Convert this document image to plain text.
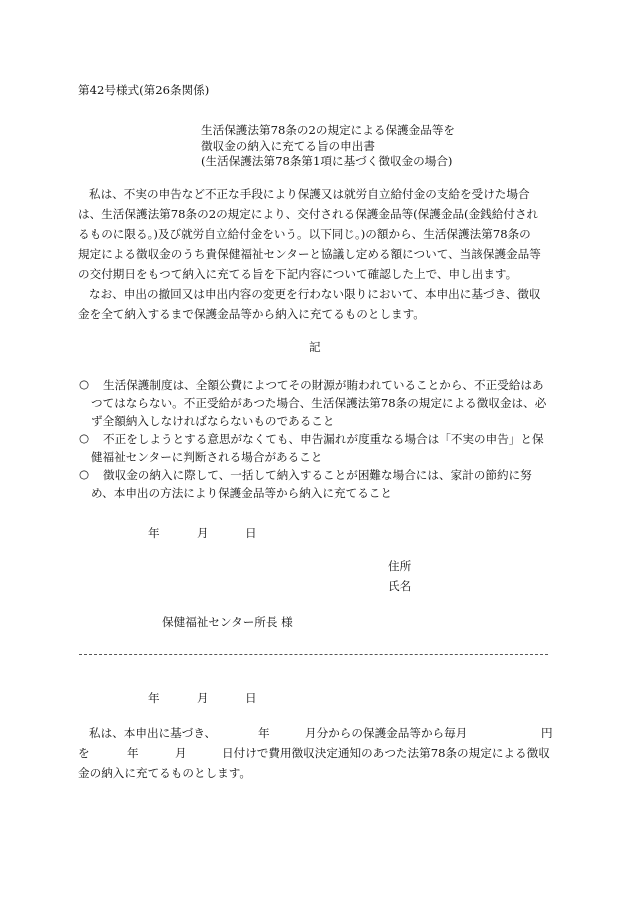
第42号様式(第26条関係)
生活保護法第78条の2の規定による保護金品等を
徴収金の納入に充てる旨の申出書
(生活保護法第78条第1項に基づく徴収金の場合)
私は、不実の申告など不正な手段により保護又は就労自立給付金の支給を受けた場合
は、生活保護法第78条の2の規定により、交付される保護金品等(保護金品(金銭給付され
るものに限る。)及び就労自立給付金をいう。以下同じ。)の額から、生活保護法第78条の
規定による徴収金のうち貴保健福祉センターと協議し定める額について、当該保護金品等
の交付期日をもつて納入に充てる旨を下記内容について確認した上で、申し出ます。
なお、申出の撤回又は申出内容の変更を行わない限りにおいて、本申出に基づき、徴収
金を全て納入するまで保護金品等から納入に充てるものとします。
記
○ 生活保護制度は、全額公費によつてその財源が賄われていることから、不正受給はあ
つてはならない。不正受給があつた場合、生活保護法第78条の規定による徴収金は、必
ず全額納入しなければならないものであること
○ 不正をしようとする意思がなくても、申告漏れが度重なる場合は「不実の申告」と保
健福祉センターに判断される場合があること
○ 徴収金の納入に際して、一括して納入することが困難な場合には、家計の節約に努
め、本申出の方法により保護金品等から納入に充てること
年	月	日
住所
氏名
保健福祉センター所長 様
年	月	日
私は、本申出に基づき、	年	月分からの保護金品等から毎月	円
を	年	月	日付けで費用徴収決定通知のあつた法第78条の規定による徴収
金の納入に充てるものとします。
